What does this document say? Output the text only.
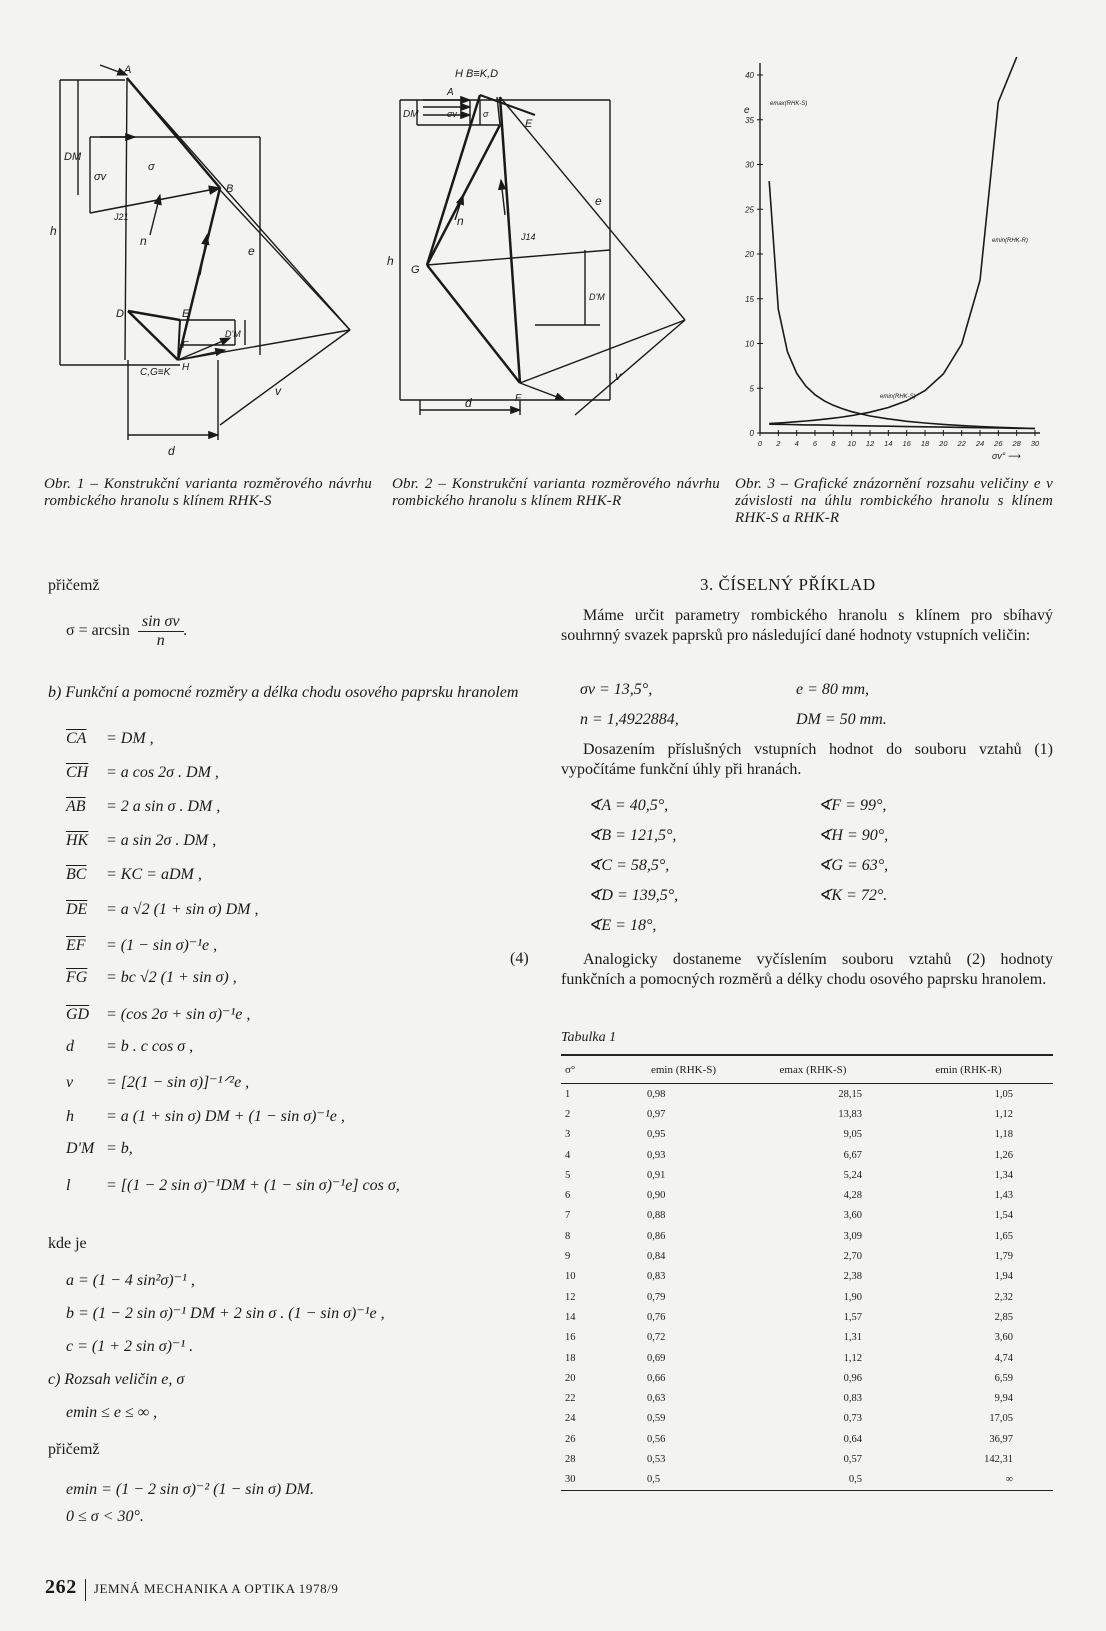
A
B
D	E
F
C,G≡K H
n
h
e
v
d
DM
σv
σ
J21
D'M
Obr. 1 – Konstrukční varianta rozměrového návrhu rombického hranolu s klínem RHK-S
H B≡K,D
A
E
G
F
n
h
e
v
d
DM	σv	σ
J14
D'M
Obr. 2 – Konstrukční varianta rozměrového návrhu rombického hranolu s klínem RHK-R
40
35
30
25
20
15
10
5
0
0 2 4 6 8 10 12 14 16 18 20 22 24 26 28 30
e
σv° ⟶
emax(RHK-S)
emin(RHK-R)
emin(RHK-S)
Obr. 3 – Grafické znázornění rozsahu veličiny e v závislosti na úhlu rombického hranolu s klínem RHK-S a RHK-R
přičemž
$\sigma = \arcsin \frac{\text{sin σv}}{n}$ .
b) Funkční a pomocné rozměry a délka chodu osového paprsku hranolem
$\overline{CA}$ = DM ,
$\overline{CH} = a$ cos 2σ . DM ,
$\overline{AB} = 2$ a sin σ . DM ,
$\overline{HK} = a$ sin 2σ . DM ,
$\overline{BC}$ = KC = aDM ,
$\overline{DE} = a$ √2 (1 + sin σ) DM ,
$\overline{EF} = (1 - \sin \sigma)^{-1}e$ ,
$\overline{FG}$ = bc √2 (1 + sin σ) ,
$\overline{GD} = (\cos$ 2σ + sin σ)⁻¹e ,
d = b . c cos σ ,
v = [2(1 − sin σ)]⁻¹ᐟ²e ,
h = a (1 + sin σ) DM + (1 − sin σ)⁻¹e ,
D'M = b,
l = [(1 − 2 sin σ)⁻¹DM + (1 − sin σ)⁻¹e] cos σ,
(4)
kde je
a = (1 − 4 sin²σ)⁻¹ ,
b = (1 − 2 sin σ)⁻¹ DM + 2 sin σ . (1 − sin σ)⁻¹e ,
c = (1 + 2 sin σ)⁻¹ .
c) Rozsah veličin e, σ
emin ≤ e ≤ ∞ ,
přičemž
emin = (1 − 2 sin σ)⁻² (1 − sin σ) DM.
0 ≤ σ < 30°.
3. ČÍSELNÝ PŘÍKLAD
Máme určit parametry rombického hranolu s klínem pro sbíhavý souhrnný svazek paprsků pro následující dané hodnoty vstupních veličin:
σv = 13,5°,	e = 80 mm,
n = 1,4922884,	DM = 50 mm.
Dosazením příslušných vstupních hodnot do souboru vztahů (1) vypočítáme funkční úhly při hranách.
∢A = 40,5°,	∢F = 99°,
∢B = 121,5°,	∢H = 90°,
∢C = 58,5°,	∢G = 63°,
∢D = 139,5°,	∢K = 72°.
∢E = 18°,
Analogicky dostaneme vyčíslením souboru vztahů (2) hodnoty funkčních a pomocných rozměrů a délky chodu osového paprsku hranolem.
Tabulka 1
σ°	emin (RHK-S)	emax (RHK-S)	emin (RHK-R)
1	0,98	28,15	1,05
2	0,97	13,83	1,12
3	0,95	9,05	1,18
4	0,93	6,67	1,26
5	0,91	5,24	1,34
6	0,90	4,28	1,43
7	0,88	3,60	1,54
8	0,86	3,09	1,65
9	0,84	2,70	1,79
10	0,83	2,38	1,94
12	0,79	1,90	2,32
14	0,76	1,57	2,85
16	0,72	1,31	3,60
18	0,69	1,12	4,74
20	0,66	0,96	6,59
22	0,63	0,83	9,94
24	0,59	0,73	17,05
26	0,56	0,64	36,97
28	0,53	0,57	142,31
30	0,5	0,5	∞
262 JEMNÁ MECHANIKA A OPTIKA 1978/9
